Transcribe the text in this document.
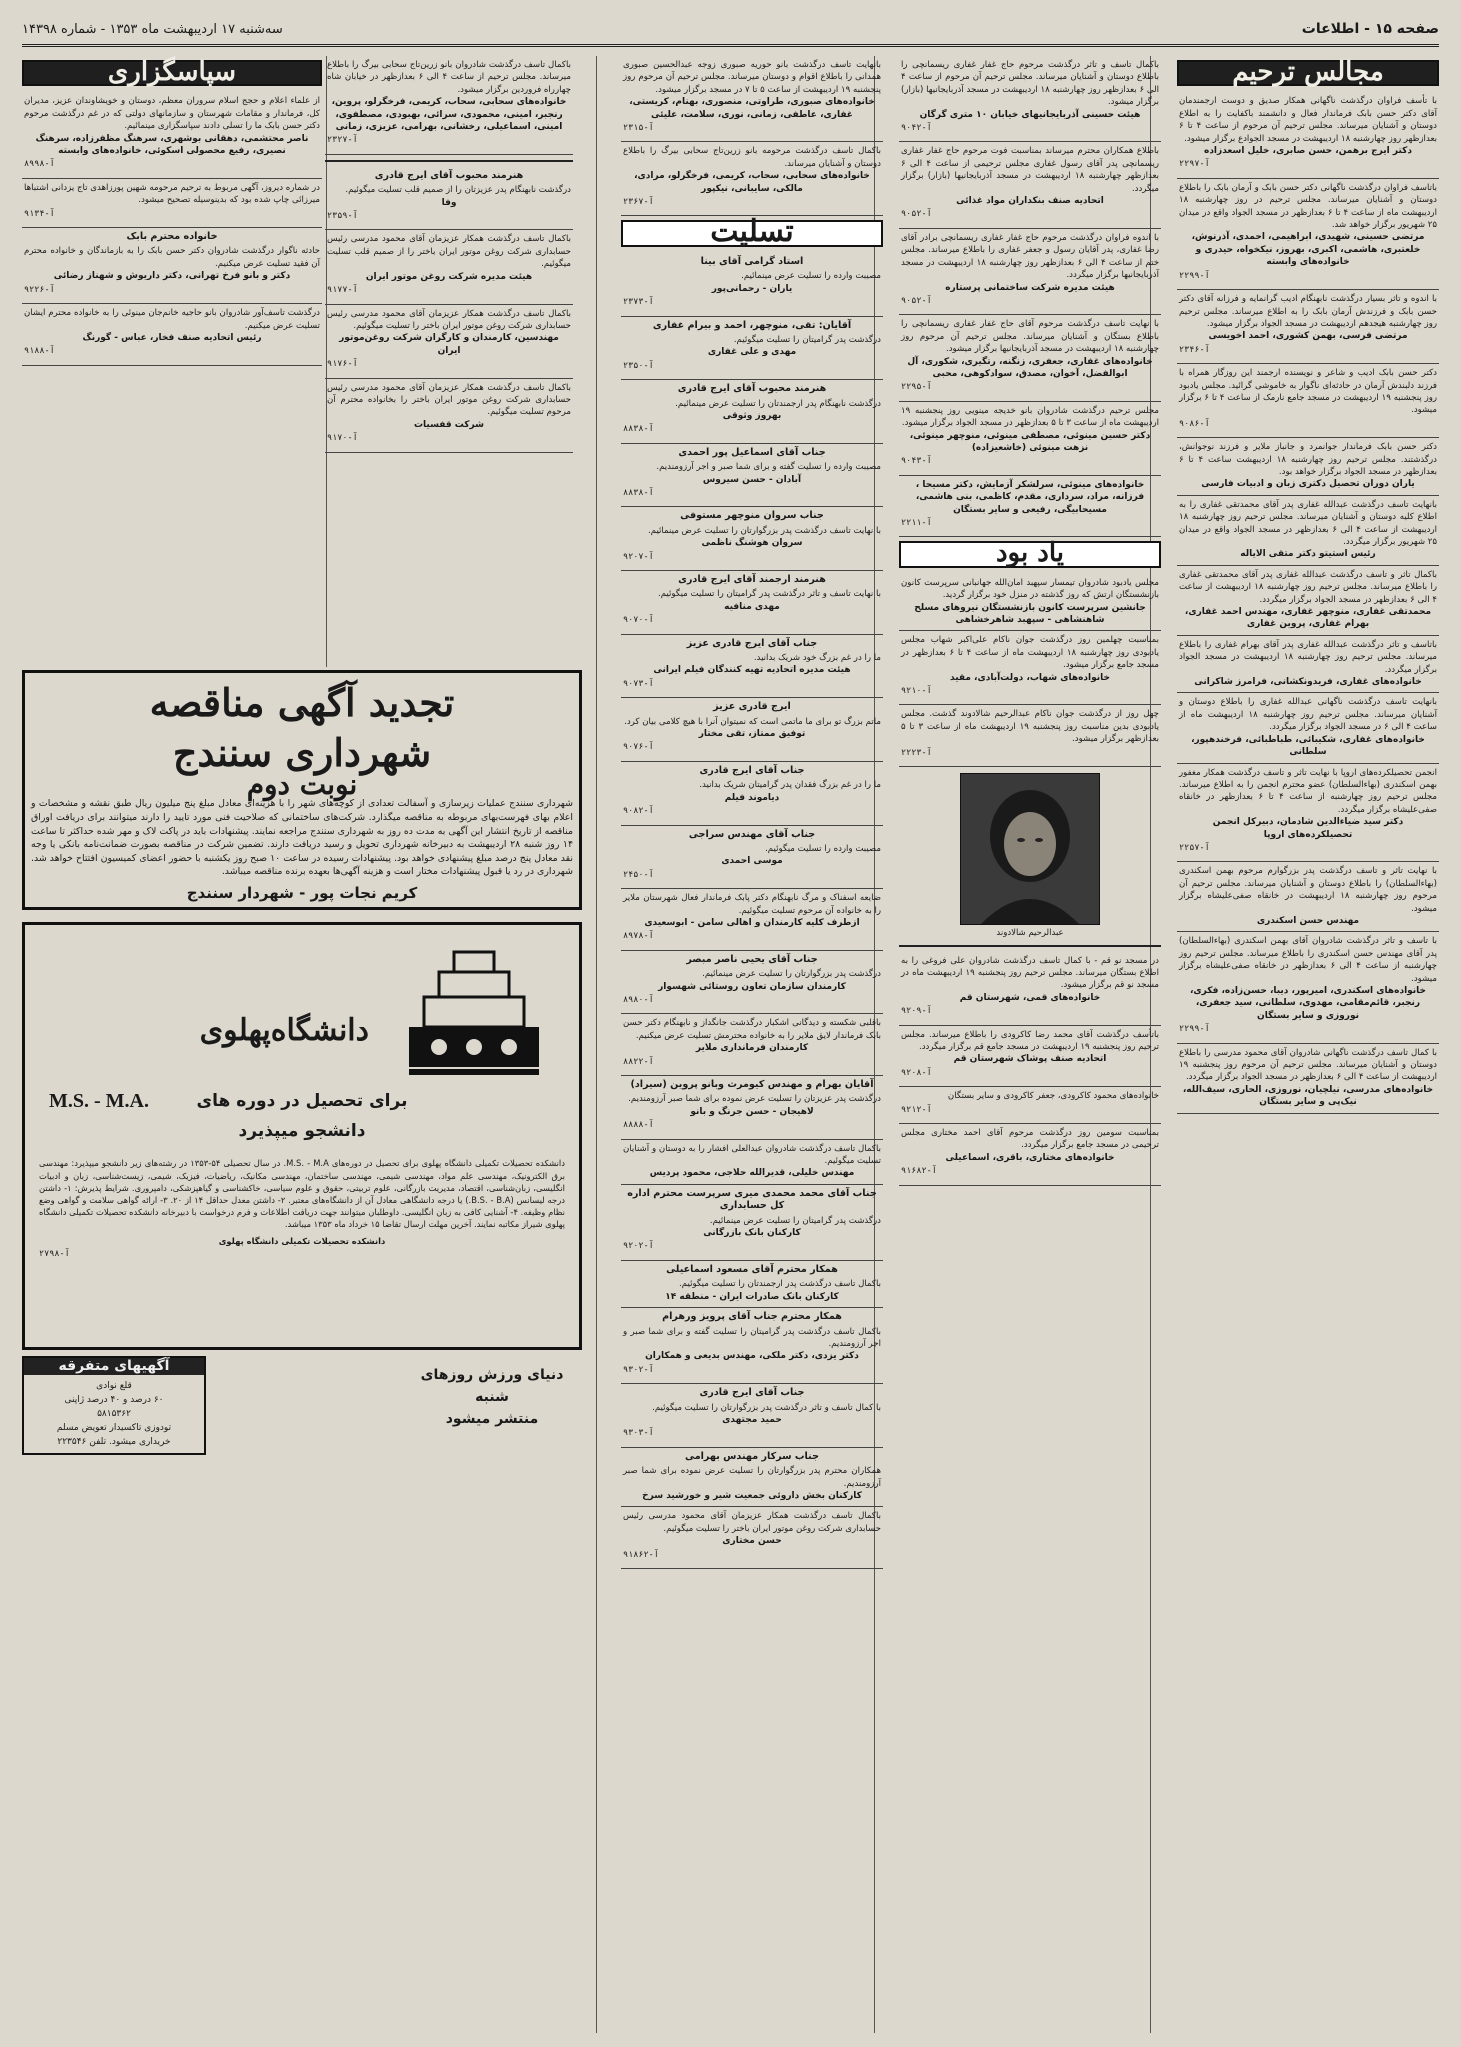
صفحه ۱۵ - اطلاعات
سه‌شنبه ۱۷ اردیبهشت ماه ۱۳۵۳ - شماره ۱۴۳۹۸
مجالس ترحیم
با تأسف فراوان درگذشت ناگهانی همکار صدیق و دوست ارجمندمان آقای دکتر حسن بابک فرماندار فعال و دانشمند باکفایت را به اطلاع دوستان و آشنایان میرساند. مجلس ترحیم آن مرحوم از ساعت ۴ تا ۶ بعدازظهر روز چهارشنبه ۱۸ اردیبهشت در مسجد الجوادع برگزار میشود.
دکتر ایرج برهمن، حسن صابری، خلیل اسعدزاده
آ-۲۲۹۷
باتاسف فراوان درگذشت ناگهانی دکتر حسن بابک و آرمان بابک را باطلاع دوستان و آشنایان میرساند. مجلس ترحیم در روز چهارشنبه ۱۸ اردیبهشت ماه از ساعت ۴ تا ۶ بعدازظهر در مسجد الجواد واقع در میدان ۲۵ شهریور برگزار خواهد شد.
مرتضی حسینی، شهیدی، ابراهیمی، احمدی، آذرنوش، خلعتبری، هاشمی، اکبری، بهروز، نیکخواه، حیدری و خانواده‌های وابسته
آ-۲۲۹۹
با اندوه و تاثر بسیار درگذشت نابهنگام ادیب گرانمایه و فرزانه آقای دکتر حسن بابک و فرزندش آرمان بابک را به اطلاع میرساند. مجلس ترحیم روز چهارشنبه هیجدهم اردیبهشت در مسجد الجواد برگزار میشود.
مرتضی فرسی، بهمن کشوری، احمد اخویسی
آ-۲۳۴۶
دکتر حسن بابک ادیب و شاعر و نویسنده ارجمند این روزگار همراه با فرزند دلبندش آرمان در حادثه‌ای ناگوار به خاموشی گرائید. مجلس یادبود روز پنجشنبه ۱۹ اردیبهشت در مسجد جامع نارمک از ساعت ۴ تا ۶ برگزار میشود.
آ-۹۰۸۶
دکتر حسن بابک فرماندار جوانمرد و جانباز ملایر و فرزند نوجوانش، درگذشتند. مجلس ترحیم روز چهارشنبه ۱۸ اردیبهشت ساعت ۴ تا ۶ بعدازظهر در مسجد الجواد برگزار خواهد بود.
یاران دوران تحصیل دکتری زبان و ادبیات فارسی
بانهایت تاسف درگذشت عبدالله غفاری پدر آقای محمدتقی غفاری را به اطلاع کلیه دوستان و آشنایان میرساند. مجلس ترحیم روز چهارشنبه ۱۸ اردیبهشت از ساعت ۴ الی ۶ بعدازظهر در مسجد الجواد واقع در میدان ۲۵ شهریور برگزار میگردد.
رئیس استیتو دکتر متقی الایاله
باکمال تاثر و تاسف درگذشت عبدالله غفاری پدر آقای محمدتقی غفاری را باطلاع میرساند. مجلس ترحیم روز چهارشنبه ۱۸ اردیبهشت از ساعت ۴ الی ۶ بعدازظهر در مسجد الجواد برگزار میگردد.
محمدتقی غفاری، منوچهر غفاری، مهندس احمد غفاری، بهرام غفاری، پروین غفاری
باتاسف و تاثر درگذشت عبدالله غفاری پدر آقای بهرام غفاری را باطلاع میرساند. مجلس ترحیم روز چهارشنبه ۱۸ اردیبهشت در مسجد الجواد برگزار میگردد.
خانواده‌های غفاری، فریدونکشانی، فرامرز شاکرانی
بانهایت تاسف درگذشت ناگهانی عبدالله غفاری را باطلاع دوستان و آشنایان میرساند. مجلس ترحیم روز چهارشنبه ۱۸ اردیبهشت ماه از ساعت ۴ الی ۶ در مسجد الجواد برگزار میگردد.
خانواده‌های غفاری، شکیبائی، طباطبائی، فرخندهپور، سلطانی
انجمن تحصیلکرده‌های اروپا با نهایت تاثر و تاسف درگذشت همکار مغفور بهمن اسکندری (بهاءالسلطان) عضو محترم انجمن را به اطلاع میرساند. مجلس ترحیم روز چهارشنبه از ساعت ۴ تا ۶ بعدازظهر در خانقاه صفی‌علیشاه برگزار میگردد.
دکتر سید ضیاءالدین شادمان، دبیرکل انجمن تحصیلکرده‌های اروپا
آ-۲۲۵۷
با نهایت تاثر و تاسف درگذشت پدر بزرگوارم مرحوم بهمن اسکندری (بهاءالسلطان) را باطلاع دوستان و آشنایان میرساند. مجلس ترحیم آن مرحوم روز چهارشنبه ۱۸ اردیبهشت در خانقاه صفی‌علیشاه برگزار میشود.
مهندس حسن اسکندری
با تاسف و تاثر درگذشت شادروان آقای بهمن اسکندری (بهاءالسلطان) پدر آقای مهندس حسن اسکندری را باطلاع میرساند. مجلس ترحیم روز چهارشنبه از ساعت ۴ الی ۶ بعدازظهر در خانقاه صفی‌علیشاه برگزار میشود.
خانواده‌های اسکندری، امیرپور، دیبا، حسن‌زاده، فکری، رنجبر، قائم‌مقامی، مهدوی، سلطانی، سید جعفری، نوروزی و سایر بستگان
آ-۲۲۹۹
با کمال تاسف درگذشت ناگهانی شادروان آقای محمود مدرسی را باطلاع دوستان و آشنایان میرساند. مجلس ترحیم آن مرحوم روز پنجشنبه ۱۹ اردیبهشت از ساعت ۴ الی ۶ بعدازظهر در مسجد الجواد برگزار میگردد.
خانواده‌های مدرسی، نیلچیان، نوروزی، الحاری، سیف‌الله، نیک‌پی و سایر بستگان
باکمال تاسف و تاثر درگذشت مرحوم حاج غفار غفاری ریسمانچی را باطلاع دوستان و آشنایان میرساند. مجلس ترحیم آن مرحوم از ساعت ۴ الی ۶ بعدازظهر روز چهارشنبه ۱۸ اردیبهشت در مسجد آذربایجانیها (بازار) برگزار میشود.
هیئت حسینی آذربایجانیهای خیابان ۱۰ متری گرگان
آ-۹۰۴۲
باطلاع همکاران محترم میرساند بمناسبت فوت مرحوم حاج غفار غفاری ریسمانچی پدر آقای رسول غفاری مجلس ترحیمی از ساعت ۴ الی ۶ بعدازظهر چهارشنبه ۱۸ اردیبهشت در مسجد آذربایجانیها (بازار) برگزار میگردد.
اتحادیه صنف بنکداران مواد غذائی
آ-۹۰۵۲
با اندوه فراوان درگذشت مرحوم حاج غفار غفاری ریسمانچی برادر آقای رضا غفاری، پدر آقایان رسول و جعفر غفاری را باطلاع میرساند. مجلس ختم از ساعت ۴ الی ۶ بعدازظهر روز چهارشنبه ۱۸ اردیبهشت در مسجد آذربایجانیها برگزار میگردد.
هیئت مدیره شرکت ساختمانی پرستاره
آ-۹۰۵۲
با نهایت تاسف درگذشت مرحوم آقای حاج غفار غفاری ریسمانچی را باطلاع بستگان و آشنایان میرساند. مجلس ترحیم آن مرحوم روز چهارشنبه ۱۸ اردیبهشت در مسجد آذربایجانیها برگزار میشود.
خانواده‌های غفاری، جعفری، زنگنه، رتگیری، شکوری، آل ابوالفضل، آخوان، مصدق، سوادکوهی، محبی
آ-۲۲۹۵
مجلس ترحیم درگذشت شادروان بانو خدیجه مینویی روز پنجشنبه ۱۹ اردیبهشت ماه از ساعت ۳ تا ۵ بعدازظهر در مسجد الجواد برگزار میشود.
دکتر حسین مینوئی، مصطفی مینوئی، منوچهر مینوئی، نزهت مینوئی (خاشعیزاده)
آ-۹۰۴۳
خانواده‌های مینوئی، سرلشکر آزمایش، دکتر مسیحا ، فرزانه، مراد، سرداری، مقدم، کاظمی، بنی هاشمی، مسیحابیگی، رفیعی و سایر بستگان
آ-۲۲۱۱
یاد بود
مجلس یادبود شادروان تیمسار سپهبد امان‌الله جهانبانی سرپرست کانون بازنشستگان ارتش که روز گذشته در منزل خود برگزار گردید.
جانشین سرپرست کانون بازنشستگان نیروهای مسلح شاهنشاهی - سپهبد شاهرخشاهی
بمناسبت چهلمین روز درگذشت جوان ناکام علی‌اکبر شهاب مجلس یادبودی روز چهارشنبه ۱۸ اردیبهشت ماه از ساعت ۴ تا ۶ بعدازظهر در مسجد جامع برگزار میشود.
خانواده‌های شهاب، دولت‌آبادی، مقید
آ-۹۲۱۰
چهل روز از درگذشت جوان ناکام عبدالرحیم شالادوند گذشت. مجلس یادبودی بدین مناسبت روز پنجشنبه ۱۹ اردیبهشت ماه از ساعت ۳ تا ۵ بعدازظهر برگزار میشود.
آ-۲۲۲۳
عبدالرحیم شالادوند
در مسجد نو قم - با کمال تاسف درگذشت شادروان علی فروغی را به اطلاع بستگان میرساند. مجلس ترحیم روز پنجشنبه ۱۹ اردیبهشت ماه در مسجد نو قم برگزار میشود.
خانواده‌های قمی، شهرستان قم
آ-۹۲۰۹
باتأسف درگذشت آقای محمد رضا کاکرودی را باطلاع میرساند. مجلس ترحیم روز پنجشنبه ۱۹ اردیبهشت در مسجد جامع قم برگزار میگردد.
اتحادیه صنف پوشاک شهرستان قم
آ-۹۲۰۸
خانواده‌های محمود کاکرودی، جعفر کاکرودی و سایر بستگان
آ-۹۲۱۲
بمناسبت سومین روز درگذشت مرحوم آقای احمد مختاری مجلس ترحیمی در مسجد جامع برگزار میگردد.
خانواده‌های مختاری، باقری، اسماعیلی
آ-۹۱۶۸۲
بانهایت تاسف درگذشت بانو حوریه صبوری زوجه عبدالحسین صبوری همدانی را باطلاع اقوام و دوستان میرساند. مجلس ترحیم آن مرحوم روز پنجشنبه ۱۹ اردیبهشت از ساعت ۵ تا ۷ در مسجد برگزار میشود.
خانواده‌های صبوری، طراوتی، منصوری، بهنام، کریستی، غفاری، عاطفی، زمانی، نوری، سلامت، علیئی
آ-۲۳۱۵
باکمال تاسف درگذشت مرحومه بانو زرین‌تاج سحابی بیرگ را باطلاع دوستان و آشنایان میرساند.
خانواده‌های سحابی، سحاب، کریمی، فرخگرلو، مرادی، مالکی، سایبانی، نیکپور
آ-۲۳۶۷
تسلیت
استاد گرامی آقای بینا
مصیبت وارده را تسلیت عرض مینمائیم.
یاران - رحمانی‌پور
آ-۲۳۷۳
آقایان: تقی، منوچهر، احمد و بیرام غفاری
درگذشت پدر گرامیتان را تسلیت میگوئیم.
مهدی و علی غفاری
آ-۲۳۵۰
هنرمند محبوب آقای ایرج قادری
درگذشت نابهنگام پدر ارجمندتان را تسلیت عرض مینمائیم.
بهروز وثوقی
آ-۸۸۳۸
جناب آقای اسماعیل پور احمدی
مصیبت وارده را تسلیت گفته و برای شما صبر و اجر آرزومندیم.
آبادان - حسن سیروس
آ-۸۸۳۸
جناب سروان منوچهر مستوفی
با نهایت تاسف درگذشت پدر بزرگوارتان را تسلیت عرض مینمائیم.
سروان هوشنگ ناظمی
آ-۹۲۰۷
هنرمند ارجمند آقای ایرج قادری
با نهایت تاسف و تاثر درگذشت پدر گرامیتان را تسلیت میگوئیم.
مهدی منافیه
آ-۹۰۷۰
جناب آقای ایرج قادری عزیز
ما را در غم بزرگ خود شریک بدانید.
هیئت مدیره اتحادیه تهیه کنندگان فیلم ایرانی
آ-۹۰۷۳
ایرج قادری عزیز
ماتم بزرگ تو برای ما ماتمی است که نمیتوان آنرا با هیچ کلامی بیان کرد.
توفیق ممتاز، تقی مختار
آ-۹۰۷۶
جناب آقای ایرج قادری
ما را در غم بزرگ فقدان پدر گرامیتان شریک بدانید.
دیاموند فیلم
آ-۹۰۸۲
جناب آقای مهندس سراجی
مصیبت وارده را تسلیت میگوئیم.
موسی احمدی
آ-۲۴۵۰
ضایعه اسفناک و مرگ نابهنگام دکتر پابک فرماندار فعال شهرستان ملایر را به خانواده آن مرحوم تسلیت میگوئیم.
ازطرف کلیه کارمندان و اهالی سامن - ابوسعیدی
آ-۸۹۷۸
جناب آقای یحیی ناصر مبصر
درگذشت پدر بزرگوارتان را تسلیت عرض مینمائیم.
کارمندان سازمان تعاون روستائی شهسوار
آ-۸۹۸۰
باقلبی شکسته و دیدگانی اشکبار درگذشت جانگداز و نابهنگام دکتر حسن بابک فرماندار لایق ملایر را به خانواده محترمش تسلیت عرض میکنیم.
کارمندان فرمانداری ملایر
آ-۸۸۲۲
آقایان بهرام و مهندس کیومرث وبانو پروین (سیراد)
درگذشت پدر عزیزتان را تسلیت عرض نموده برای شما صبر آرزومندیم.
لاهیجان - حسن جرنگ و بانو
آ-۸۸۸۸
باکمال تاسف درگذشت شادروان عبدالعلی افشار را به دوستان و آشنایان تسلیت میگوئیم.
مهندس خلیلی، قدیرالله حلاجی، محمود پردیس
جناب آقای محمد محمدی میری سرپرست محترم اداره کل حسابداری
درگذشت پدر گرامیتان را تسلیت عرض مینمائیم.
کارکنان بانک بازرگانی
آ-۹۲۰۲
همکار محترم آقای مسعود اسماعیلی
باکمال تاسف درگذشت پدر ارجمندتان را تسلیت میگوئیم.
کارکنان بانک صادرات ایران - منطقه ۱۴
همکار محترم جناب آقای پرویز ورهرام
باکمال تاسف درگذشت پدر گرامیتان را تسلیت گفته و برای شما صبر و اجر آرزومندیم.
دکتر یزدی، دکتر ملکی، مهندس بدیعی و همکاران
آ-۹۳۰۲
جناب آقای ایرج قادری
با کمال تاسف و تاثر درگذشت پدر بزرگوارتان را تسلیت میگوئیم.
حمید مجتهدی
آ-۹۳۰۳
جناب سرکار مهندس بهرامی
همکاران محترم پدر بزرگوارتان را تسلیت عرض نموده برای شما صبر آرزومندیم.
کارکنان بخش داروئی جمعیت شیر و خورشید سرخ
باکمال تاسف درگذشت همکار عزیزمان آقای محمود مدرسی رئیس حسابداری شرکت روغن موتور ایران باختر را تسلیت میگوئیم.
حسن مختاری
آ-۹۱۸۶۲
باکمال تاسف درگذشت شادروان بانو زرین‌تاج سحابی بیرگ را باطلاع میرساند. مجلس ترحیم از ساعت ۴ الی ۶ بعدازظهر در خیابان شاه چهارراه فروردین برگزار میشود.
خانواده‌های سحابی، سحاب، کریمی، فرخگرلو، پروین، رنجبر، امینی، محمودی، سرائی، بهبودی، مصطفوی، امینی، اسماعیلی، رخشانی، بهرامی، عزیزی، زمانی
آ-۲۳۲۷
هنرمند محبوب آقای ایرج قادری
درگذشت نابهنگام پدر عزیزتان را از صمیم قلب تسلیت میگوئیم.
وفا
آ-۲۳۵۹
باکمال تاسف درگذشت همکار عزیزمان آقای محمود مدرسی رئیس حسابداری شرکت روغن موتور ایران باختر را از صمیم قلب تسلیت میگوئیم.
هیئت مدیره شرکت روغن موتور ایران
آ-۹۱۷۷
باکمال تاسف درگذشت همکار عزیزمان آقای محمود مدرسی رئیس حسابداری شرکت روغن موتور ایران باختر را تسلیت میگوئیم.
مهندسین، کارمندان و کارگران شرکت روغن‌موتور ایران
آ-۹۱۷۶
باکمال تاسف درگذشت همکار عزیزمان آقای محمود مدرسی رئیس حسابداری شرکت روغن موتور ایران باختر را بخانواده محترم آن مرحوم تسلیت میگوئیم.
شرکت قفسیات
آ-۹۱۷۰
سپاسگزاری
از علماء اعلام و حجج اسلام سروران معظم، دوستان و خویشاوندان عزیز، مدیران کل، فرماندار و مقامات شهرستان و سازمانهای دولتی که در غم درگذشت مرحوم دکتر حسن بابک ما را تسلی دادند سپاسگزاری مینمائیم.
ناصر محتشمی، دهقانی بوشهری، سرهنگ مظفرزاده، سرهنگ نصیری، رفیع محصولی اسکوئی، خانواده‌های وابسته
آ-۸۹۹۸
در شماره دیروز، آگهی مربوط به ترحیم مرحومه شهین پورزاهدی تاج یزدانی اشتباها میرزائی چاپ شده بود که بدینوسیله تصحیح میشود.
آ-۹۱۳۴
خانواده محترم بابک
حادثه ناگوار درگذشت شادروان دکتر حسن بابک را به بازماندگان و خانواده محترم آن فقید تسلیت عرض میکنیم.
دکتر و بانو فرخ تهرانی، دکتر داریوش و شهناز رضائی
آ-۹۲۲۶
درگذشت تاسف‌آور شادروان بانو حاجیه خانم‌جان مینوئی را به خانواده محترم ایشان تسلیت عرض میکنیم.
رئیس اتحادیه صنف فخار، عباس - گورنگ
آ-۹۱۸۸
تجدید آگهی مناقصه
شهرداری سنندج
نوبت دوم
شهرداری سنندج عملیات زیرسازی و آسفالت تعدادی از کوچه‌های شهر را با هزینه‌ای معادل مبلغ پنج میلیون ریال طبق نقشه و مشخصات و اعلام بهای فهرست‌بهای مربوطه به مناقصه میگذارد. شرکت‌های ساختمانی که صلاحیت فنی مورد تایید را دارند میتوانند برای دریافت اوراق مناقصه از تاریخ انتشار این آگهی به مدت ده روز به شهرداری سنندج مراجعه نمایند. پیشنهادات باید در پاکت لاک و مهر شده حداکثر تا ساعت ۱۴ روز شنبه ۲۸ اردیبهشت به دبیرخانه شهرداری تحویل و رسید دریافت دارند. تضمین شرکت در مناقصه بصورت ضمانت‌نامه بانکی یا وجه نقد معادل پنج درصد مبلغ پیشنهادی خواهد بود. پیشنهادات رسیده در ساعت ۱۰ صبح روز یکشنبه با حضور اعضای کمیسیون افتتاح خواهد شد. شهرداری در رد یا قبول پیشنهادات مختار است و هزینه آگهی‌ها بعهده برنده مناقصه میباشد.
کریم نجات پور - شهردار سنندج
دانشگاه‌پهلوی
برای تحصیل در دوره های
M.S. - M.A.
دانشجو میپذیرد
دانشکده تحصیلات تکمیلی دانشگاه پهلوی برای تحصیل در دوره‌های M.S. - M.A. در سال تحصیلی ۵۴-۱۳۵۳ در رشته‌های زیر دانشجو میپذیرد: مهندسی برق الکترونیک، مهندسی علم مواد، مهندسی شیمی، مهندسی ساختمان، مهندسی مکانیک، ریاضیات، فیزیک، شیمی، زیست‌شناسی، زبان و ادبیات انگلیسی، زبان‌شناسی، اقتصاد، مدیریت بازرگانی، علوم تربیتی، حقوق و علوم سیاسی، خاکشناسی و گیاهپزشکی، دامپروری. شرایط پذیرش: ۱- داشتن درجه لیسانس (B.S. - B.A.) یا درجه دانشگاهی معادل آن از دانشگاه‌های معتبر. ۲- داشتن معدل حداقل ۱۴ از ۲۰. ۳- ارائه گواهی سلامت و گواهی وضع نظام وظیفه. ۴- آشنایی کافی به زبان انگلیسی. داوطلبان میتوانند جهت دریافت اطلاعات و فرم درخواست با دبیرخانه دانشکده تحصیلات تکمیلی دانشگاه پهلوی شیراز مکاتبه نمایند. آخرین مهلت ارسال تقاضا ۱۵ خرداد ماه ۱۳۵۳ میباشد.
دانشکده تحصیلات تکمیلی دانشگاه پهلوی
آ-۲۷۹۸
آگهیهای متفرقه
قلع نوادی
۶۰ درصد و ۴۰ درصد ژاپنی
۵۸۱۵۳۶۲
تودوزی تاکسیدار تعویض مسلم
خریداری میشود. تلفن ۲۲۳۵۴۶
دنیای ورزش روزهای شنبه
منتشر میشود
